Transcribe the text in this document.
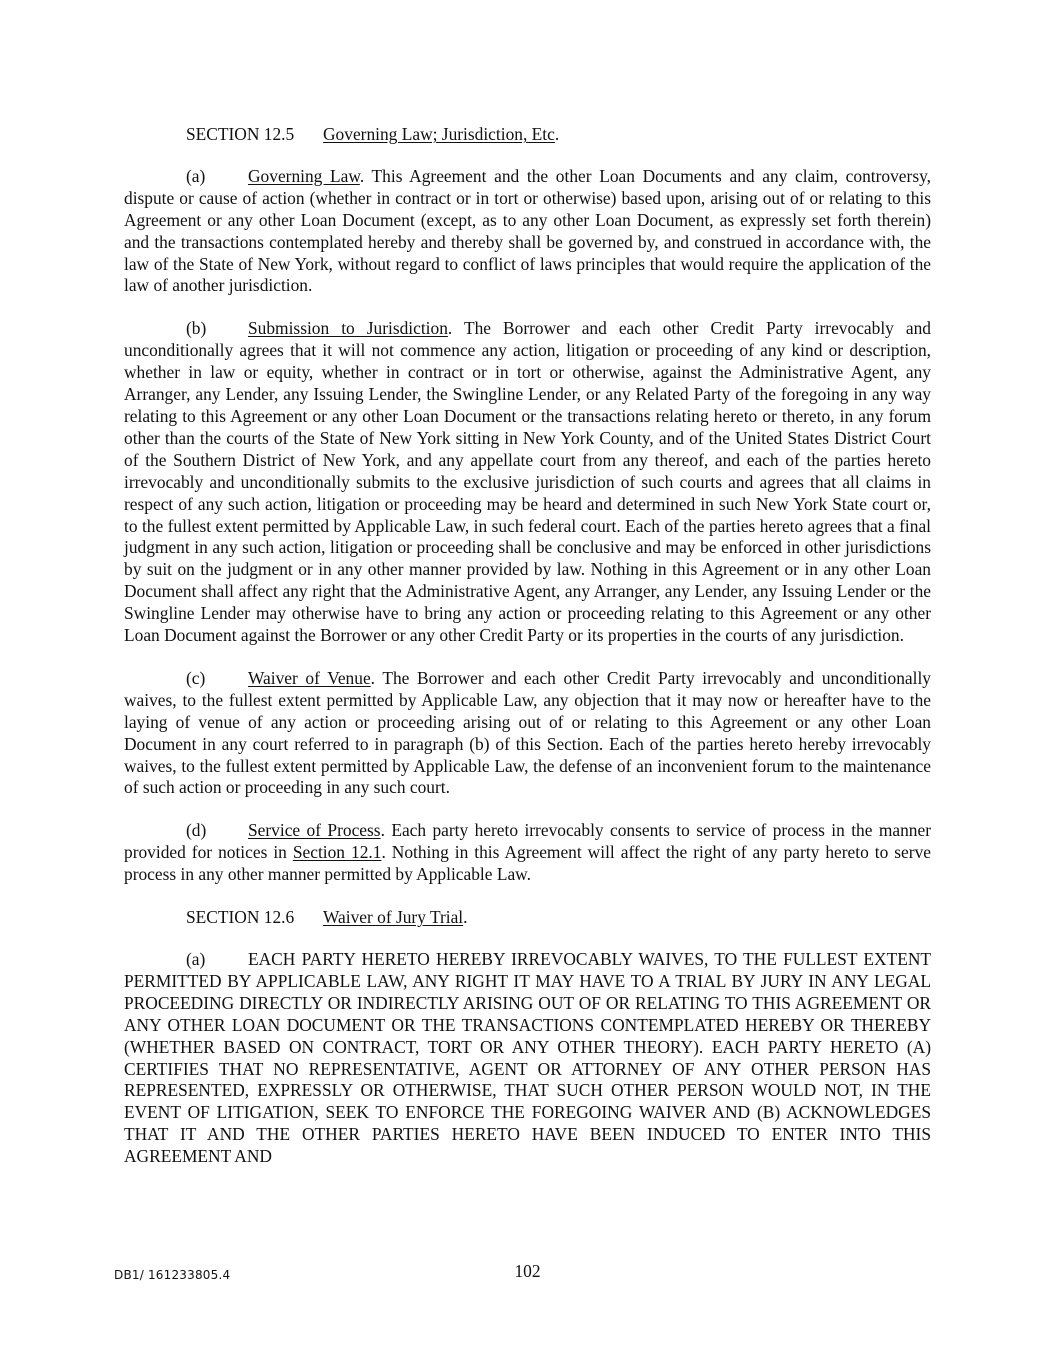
SECTION 12.5 Governing Law; Jurisdiction, Etc.

(a) Governing Law. This Agreement and the other Loan Documents and any claim, controversy, dispute or cause of action (whether in contract or in tort or otherwise) based upon, arising out of or relating to this Agreement or any other Loan Document (except, as to any other Loan Document, as expressly set forth therein) and the transactions contemplated hereby and thereby shall be governed by, and construed in accordance with, the law of the State of New York, without regard to conflict of laws principles that would require the application of the law of another jurisdiction.

(b) Submission to Jurisdiction. The Borrower and each other Credit Party irrevocably and unconditionally agrees that it will not commence any action, litigation or proceeding of any kind or description, whether in law or equity, whether in contract or in tort or otherwise, against the Administrative Agent, any Arranger, any Lender, any Issuing Lender, the Swingline Lender, or any Related Party of the foregoing in any way relating to this Agreement or any other Loan Document or the transactions relating hereto or thereto, in any forum other than the courts of the State of New York sitting in New York County, and of the United States District Court of the Southern District of New York, and any appellate court from any thereof, and each of the parties hereto irrevocably and unconditionally submits to the exclusive jurisdiction of such courts and agrees that all claims in respect of any such action, litigation or proceeding may be heard and determined in such New York State court or, to the fullest extent permitted by Applicable Law, in such federal court. Each of the parties hereto agrees that a final judgment in any such action, litigation or proceeding shall be conclusive and may be enforced in other jurisdictions by suit on the judgment or in any other manner provided by law. Nothing in this Agreement or in any other Loan Document shall affect any right that the Administrative Agent, any Arranger, any Lender, any Issuing Lender or the Swingline Lender may otherwise have to bring any action or proceeding relating to this Agreement or any other Loan Document against the Borrower or any other Credit Party or its properties in the courts of any jurisdiction.

(c) Waiver of Venue. The Borrower and each other Credit Party irrevocably and unconditionally waives, to the fullest extent permitted by Applicable Law, any objection that it may now or hereafter have to the laying of venue of any action or proceeding arising out of or relating to this Agreement or any other Loan Document in any court referred to in paragraph (b) of this Section. Each of the parties hereto hereby irrevocably waives, to the fullest extent permitted by Applicable Law, the defense of an inconvenient forum to the maintenance of such action or proceeding in any such court.

(d) Service of Process. Each party hereto irrevocably consents to service of process in the manner provided for notices in Section 12.1. Nothing in this Agreement will affect the right of any party hereto to serve process in any other manner permitted by Applicable Law.

SECTION 12.6 Waiver of Jury Trial.

(a) EACH PARTY HERETO HEREBY IRREVOCABLY WAIVES, TO THE FULLEST EXTENT PERMITTED BY APPLICABLE LAW, ANY RIGHT IT MAY HAVE TO A TRIAL BY JURY IN ANY LEGAL PROCEEDING DIRECTLY OR INDIRECTLY ARISING OUT OF OR RELATING TO THIS AGREEMENT OR ANY OTHER LOAN DOCUMENT OR THE TRANSACTIONS CONTEMPLATED HEREBY OR THEREBY (WHETHER BASED ON CONTRACT, TORT OR ANY OTHER THEORY). EACH PARTY HERETO (A) CERTIFIES THAT NO REPRESENTATIVE, AGENT OR ATTORNEY OF ANY OTHER PERSON HAS REPRESENTED, EXPRESSLY OR OTHERWISE, THAT SUCH OTHER PERSON WOULD NOT, IN THE EVENT OF LITIGATION, SEEK TO ENFORCE THE FOREGOING WAIVER AND (B) ACKNOWLEDGES THAT IT AND THE OTHER PARTIES HERETO HAVE BEEN INDUCED TO ENTER INTO THIS AGREEMENT AND

DB1/ 161233805.4	102
